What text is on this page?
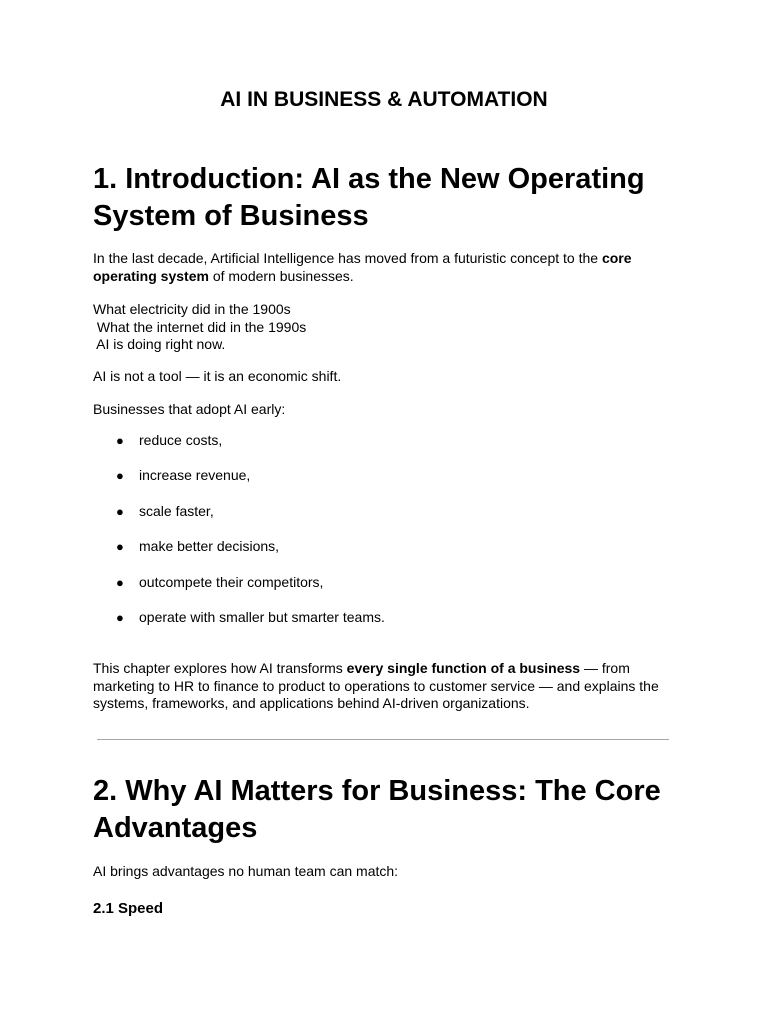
AI IN BUSINESS & AUTOMATION
1. Introduction: AI as the New Operating
System of Business

In the last decade, Artificial Intelligence has moved from a futuristic concept to the core
operating system of modern businesses.

What electricity did in the 1900s
What the internet did in the 1990s
AI is doing right now.

AI is not a tool — it is an economic shift.

Businesses that adopt AI early:

● reduce costs,
● increase revenue,
● scale faster,
● make better decisions,
● outcompete their competitors,
● operate with smaller but smarter teams.

This chapter explores how AI transforms every single function of a business — from
marketing to HR to finance to product to operations to customer service — and explains the
systems, frameworks, and applications behind AI-driven organizations.

2. Why AI Matters for Business: The Core
Advantages

AI brings advantages no human team can match:

2.1 Speed
